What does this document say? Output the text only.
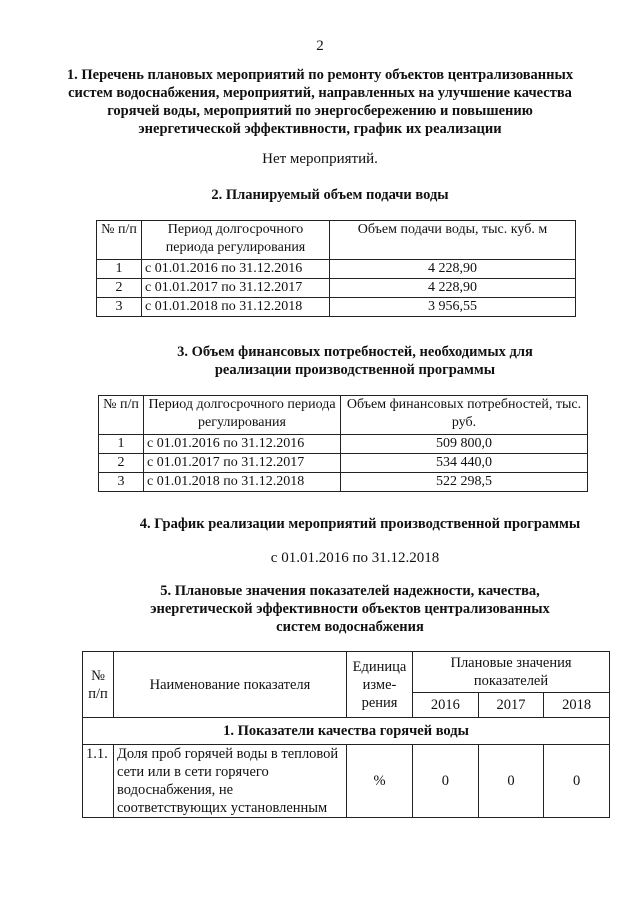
2
1. Перечень плановых мероприятий по ремонту объектов централизованных систем водоснабжения, мероприятий, направленных на улучшение качества горячей воды, мероприятий по энергосбережению и повышению энергетической эффективности, график их реализации
Нет мероприятий.
2. Планируемый объем подачи воды
№ п/п	Период долгосрочного периода регулирования	Объем подачи воды, тыс. куб. м
1	с 01.01.2016 по 31.12.2016	4 228,90
2	с 01.01.2017 по 31.12.2017	4 228,90
3	с 01.01.2018 по 31.12.2018	3 956,55
3. Объем финансовых потребностей, необходимых для
реализации производственной программы
№ п/п	Период долгосрочного периода регулирования	Объем финансовых потребностей, тыс. руб.
1	с 01.01.2016 по 31.12.2016	509 800,0
2	с 01.01.2017 по 31.12.2017	534 440,0
3	с 01.01.2018 по 31.12.2018	522 298,5
4. График реализации мероприятий производственной программы
с 01.01.2016 по 31.12.2018
5. Плановые значения показателей надежности, качества,
энергетической эффективности объектов централизованных
систем водоснабжения
№ п/п	Наименование показателя	Единица изме-рения	Плановые значения показателей		
			2016	2017	2018
1. Показатели качества горячей воды					
1.1.	Доля проб горячей воды в тепловой сети или в сети горячего водоснабжения, не соответствующих установленным	%	0	0	0
